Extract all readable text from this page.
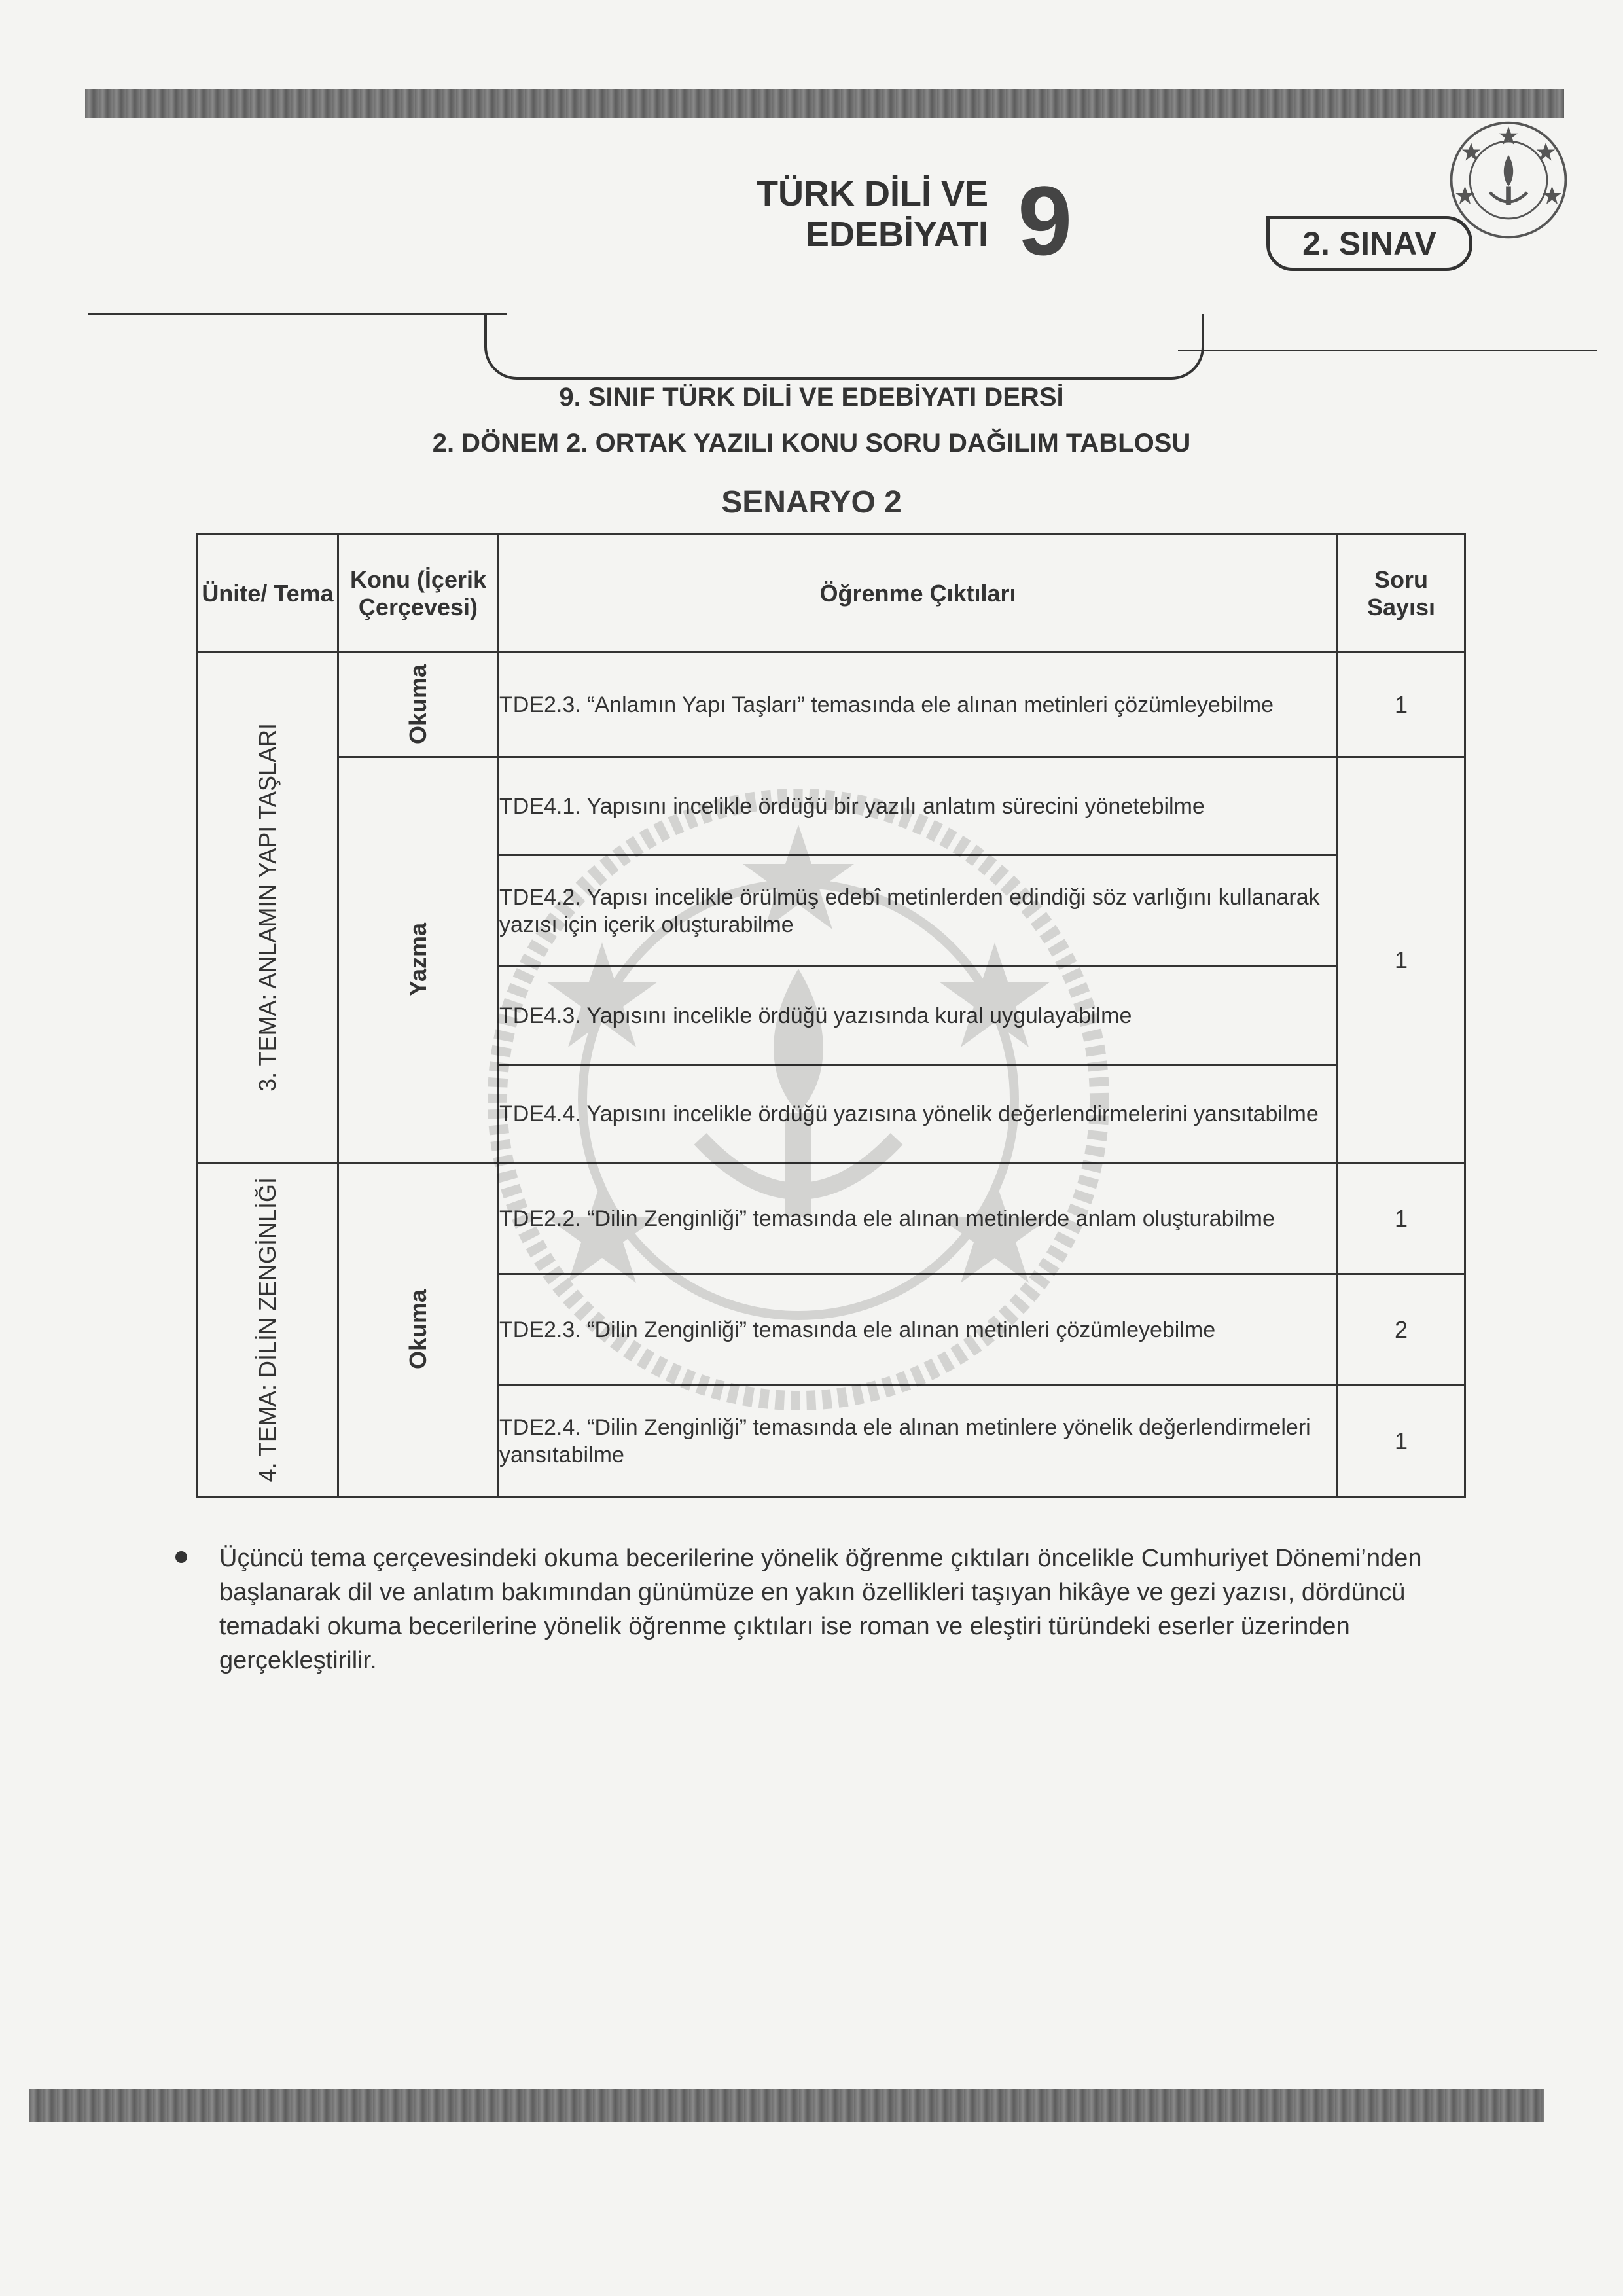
TÜRK DİLİ VE
EDEBİYATI 9	2. SINAV
9. SINIF TÜRK DİLİ VE EDEBİYATI DERSİ
2. DÖNEM 2. ORTAK YAZILI KONU SORU DAĞILIM TABLOSU
SENARYO 2
Ünite/ Tema	Konu (İçerik Çerçevesi)	Öğrenme Çıktıları	Soru Sayısı

3. TEMA: ANLAMIN YAPI TAŞLARI	Okuma	TDE2.3. “Anlamın Yapı Taşları” temasında ele alınan metinleri çözümleyebilme	1

	Yazma	TDE4.1. Yapısını incelikle ördüğü bir yazılı anlatım sürecini yönetebilme	1
		TDE4.2. Yapısı incelikle örülmüş edebî metinlerden edindiği söz varlığını kullanarak yazısı için içerik oluşturabilme	
		TDE4.3. Yapısını incelikle ördüğü yazısında kural uygulayabilme	
		TDE4.4. Yapısını incelikle ördüğü yazısına yönelik değerlendirmelerini yansıtabilme	

4. TEMA: DİLİN ZENGİNLİĞİ	Okuma	TDE2.2. “Dilin Zenginliği” temasında ele alınan metinlerde anlam oluşturabilme	1
		TDE2.3. “Dilin Zenginliği” temasında ele alınan metinleri çözümleyebilme	2
		TDE2.4. “Dilin Zenginliği” temasında ele alınan metinlere yönelik değerlendirmeleri yansıtabilme	1
Üçüncü tema çerçevesindeki okuma becerilerine yönelik öğrenme çıktıları öncelikle Cumhuriyet Dönemi’nden başlanarak dil ve anlatım bakımından günümüze en yakın özellikleri taşıyan hikâye ve gezi yazısı, dördüncü temadaki okuma becerilerine yönelik öğrenme çıktıları ise roman ve eleştiri türündeki eserler üzerinden gerçekleştirilir.
